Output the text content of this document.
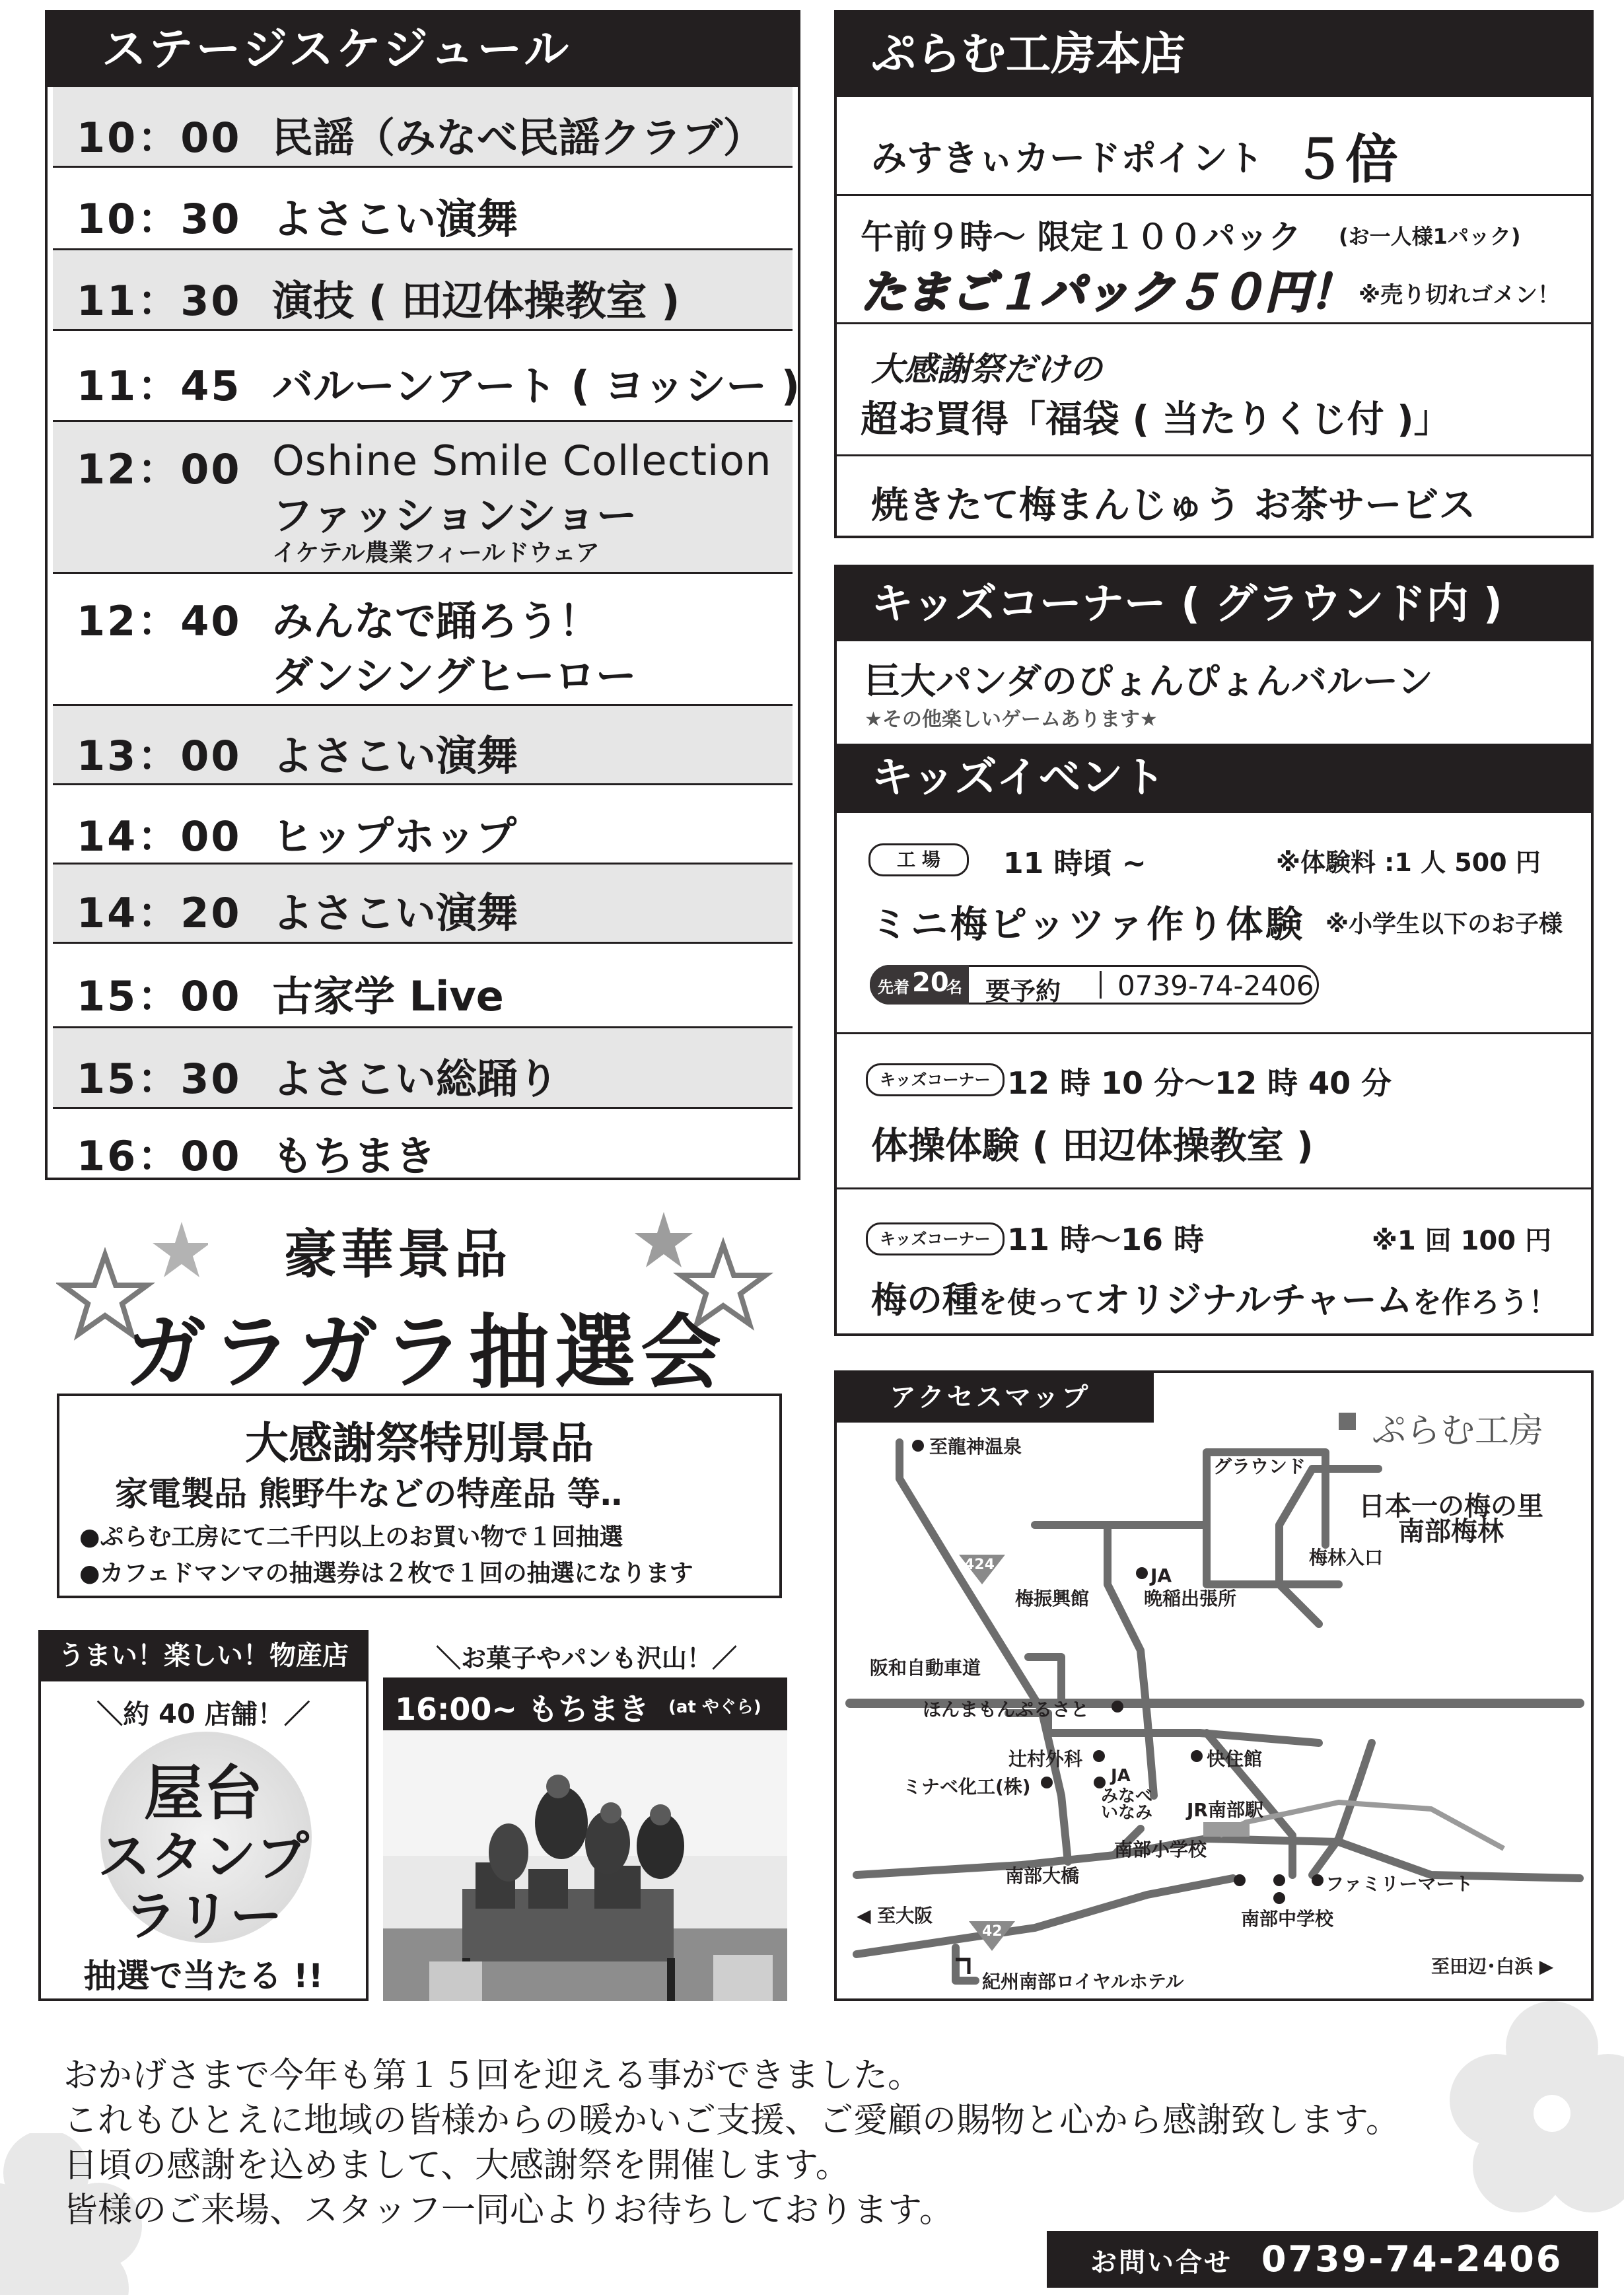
ステージスケジュール
10：00 民謡（みなべ民謡クラブ）
10：30 よさこい演舞
11：30 演技 ( 田辺体操教室 )
11：45 バルーンアート ( ヨッシー )
12：00 Oshine Smile Collection
ファッションショー
イケテル農業フィールドウェア
12：40 みんなで踊ろう！
ダンシングヒーロー
13：00 よさこい演舞
14：00 ヒップホップ
14：20 よさこい演舞
15：00 古家学 Live
15：30 よさこい総踊り
16：00 もちまき
ぷらむ工房本店
みすきぃカードポイント ５倍
午前９時～ 限定１００パック (お一人様1パック)
たまご１パック５０円！ ※売り切れゴメン！
大感謝祭だけの
超お買得「福袋 ( 当たりくじ付 )」
焼きたて梅まんじゅう お茶サービス
キッズコーナー ( グラウンド内 )
巨大パンダのぴょんぴょんバルーン
★その他楽しいゲームあります★
キッズイベント
工 場	11 時頃 ~	※体験料 :1 人 500 円
ミニ梅ピッツァ作り体験 ※小学生以下のお子様
先着 20
名 要予約 0739-74-2406
キッズコーナー 12 時 10 分～12 時 40 分
体操体験 ( 田辺体操教室 )
キッズコーナー 11 時～16 時	※1 回 100 円
梅の種を使ってオリジナルチャームを作ろう！
豪華景品
ガラガラ抽選会
大感謝祭特別景品
家電製品 熊野牛などの特産品 等‥
●ぷらむ工房にて二千円以上のお買い物で１回抽選
●カフェドマンマの抽選券は２枚で１回の抽選になります
うまい！楽しい！物産店
＼約 40 店舗！／
屋台
スタンプ
ラリー
抽選で当たる !!
＼お菓子やパンも沢山！／
16:00~ もちまき (at やぐら)
アクセスマップ
ぷらむ工房
至龍神温泉
グラウンド
日本一の梅の里
南部梅林
梅林入口
424
梅振興館
JA
晩稲出張所
阪和自動車道
ほんまもんぷるさと
辻村外科	快住館
ミナベ化工(株)	JA
みなべ
いなみ JR南部駅
南部大橋
南部小学校
ファミリーマート
◀ 至大阪
42
南部中学校
紀州南部ロイヤルホテル
至田辺･白浜 ▶
おかげさまで今年も第１５回を迎える事ができました。
これもひとえに地域の皆様からの暖かいご支援、ご愛顧の賜物と心から感謝致します。
日頃の感謝を込めまして、大感謝祭を開催します。
皆様のご来場、スタッフ一同心よりお待ちしております。
お問い合せ 0739-74-2406
